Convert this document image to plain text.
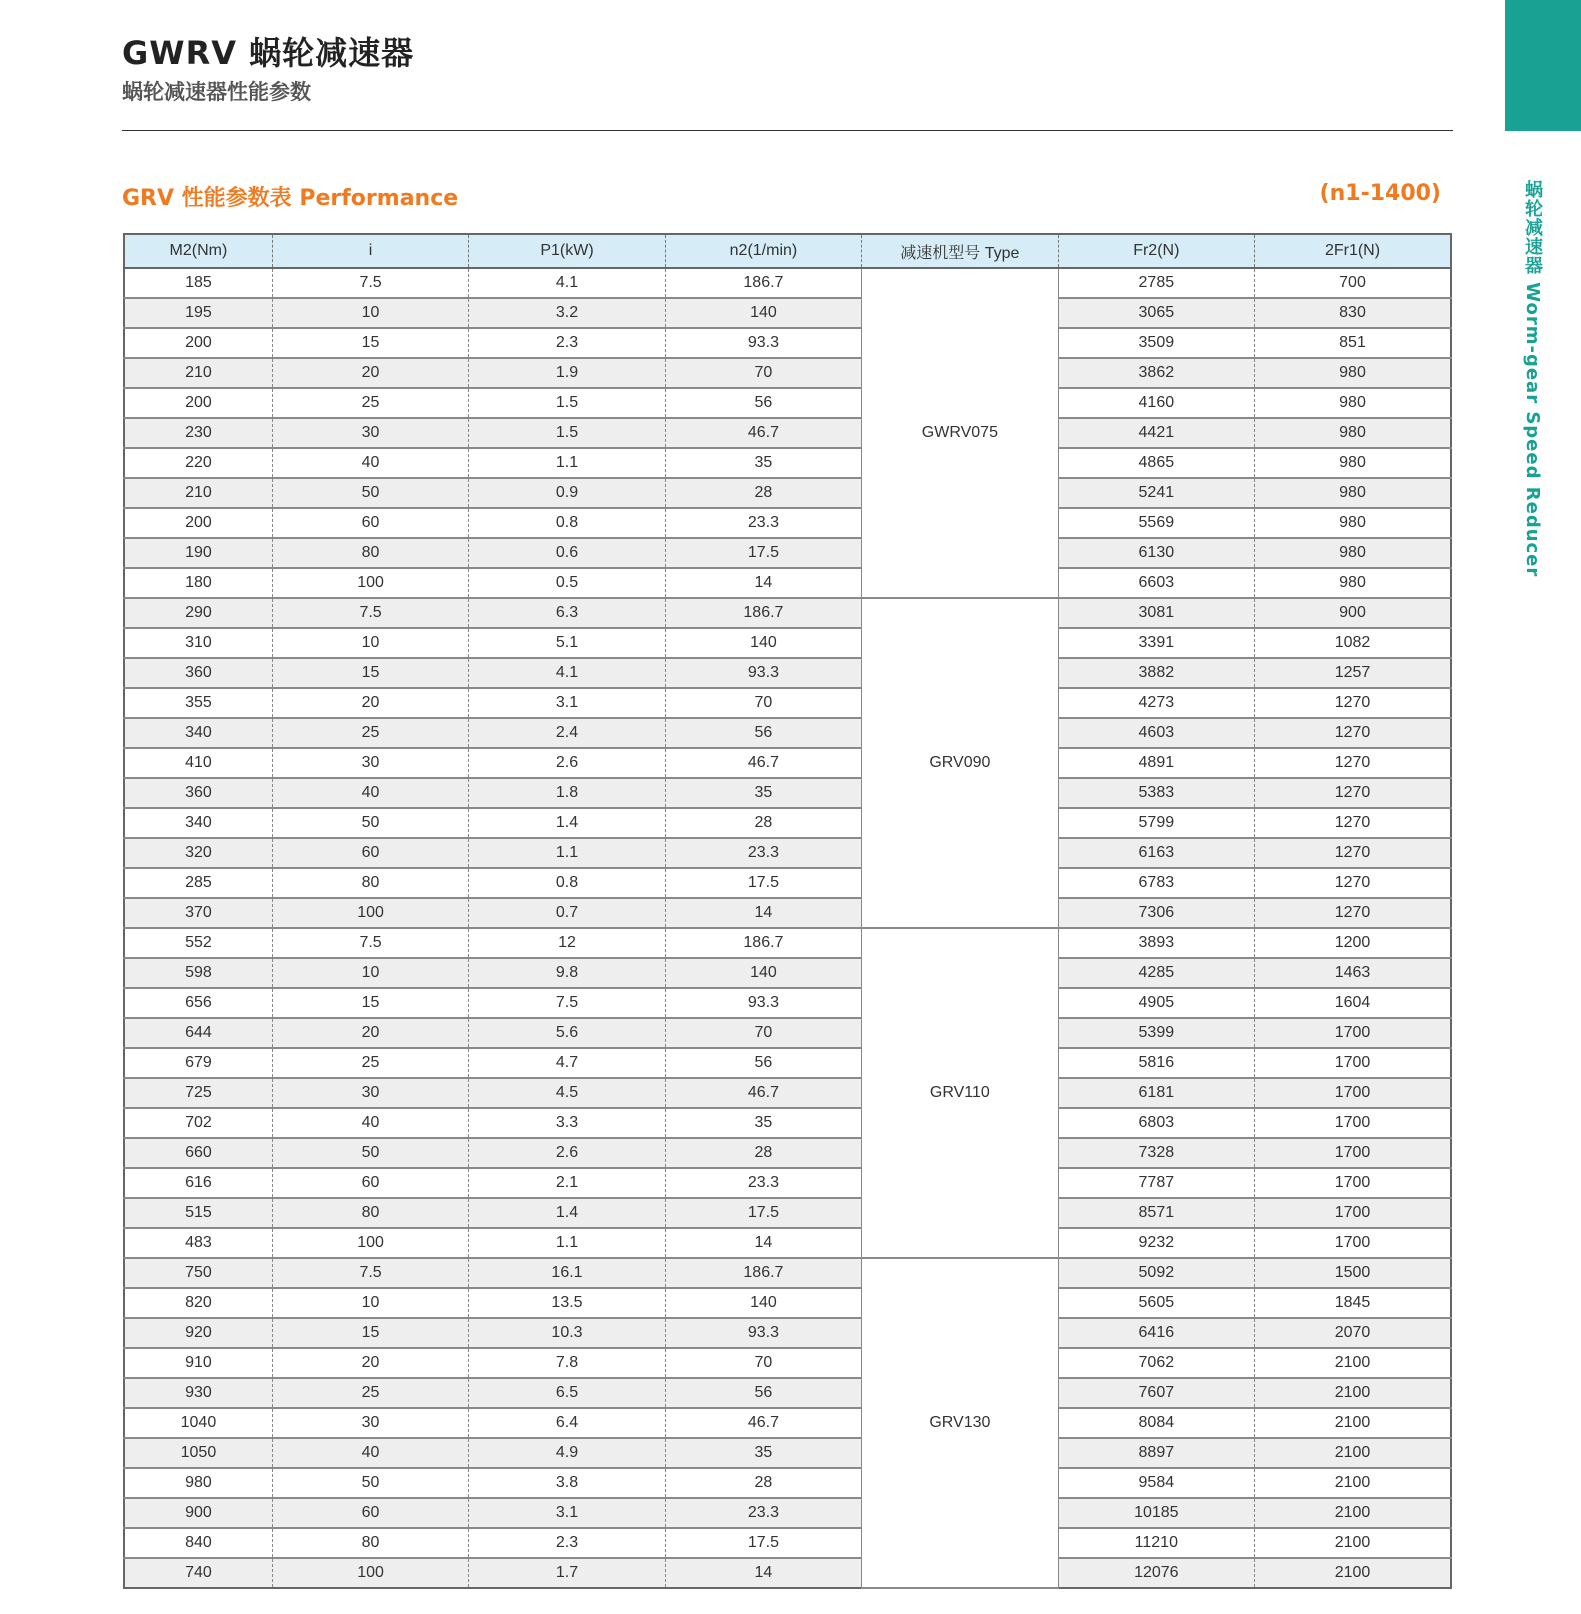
GWRV 蜗轮减速器
蜗轮减速器性能参数
蜗轮减速器 Worm-gear Speed Reducer
GRV 性能参数表 Performance	(n1-1400)
M2(Nm)	i	P1(kW)	n2(1/min)	减速机型号 Type	Fr2(N)	2Fr1(N)
185	7.5	4.1	186.7	GWRV075	2785	700
195	10	3.2	140		3065	830
200	15	2.3	93.3		3509	851
210	20	1.9	70		3862	980
200	25	1.5	56		4160	980
230	30	1.5	46.7		4421	980
220	40	1.1	35		4865	980
210	50	0.9	28		5241	980
200	60	0.8	23.3		5569	980
190	80	0.6	17.5		6130	980
180	100	0.5	14		6603	980
290	7.5	6.3	186.7	GRV090	3081	900
310	10	5.1	140		3391	1082
360	15	4.1	93.3		3882	1257
355	20	3.1	70		4273	1270
340	25	2.4	56		4603	1270
410	30	2.6	46.7		4891	1270
360	40	1.8	35		5383	1270
340	50	1.4	28		5799	1270
320	60	1.1	23.3		6163	1270
285	80	0.8	17.5		6783	1270
370	100	0.7	14		7306	1270
552	7.5	12	186.7	GRV110	3893	1200
598	10	9.8	140		4285	1463
656	15	7.5	93.3		4905	1604
644	20	5.6	70		5399	1700
679	25	4.7	56		5816	1700
725	30	4.5	46.7		6181	1700
702	40	3.3	35		6803	1700
660	50	2.6	28		7328	1700
616	60	2.1	23.3		7787	1700
515	80	1.4	17.5		8571	1700
483	100	1.1	14		9232	1700
750	7.5	16.1	186.7	GRV130	5092	1500
820	10	13.5	140		5605	1845
920	15	10.3	93.3		6416	2070
910	20	7.8	70		7062	2100
930	25	6.5	56		7607	2100
1040	30	6.4	46.7		8084	2100
1050	40	4.9	35		8897	2100
980	50	3.8	28		9584	2100
900	60	3.1	23.3		10185	2100
840	80	2.3	17.5		11210	2100
740	100	1.7	14		12076	2100
